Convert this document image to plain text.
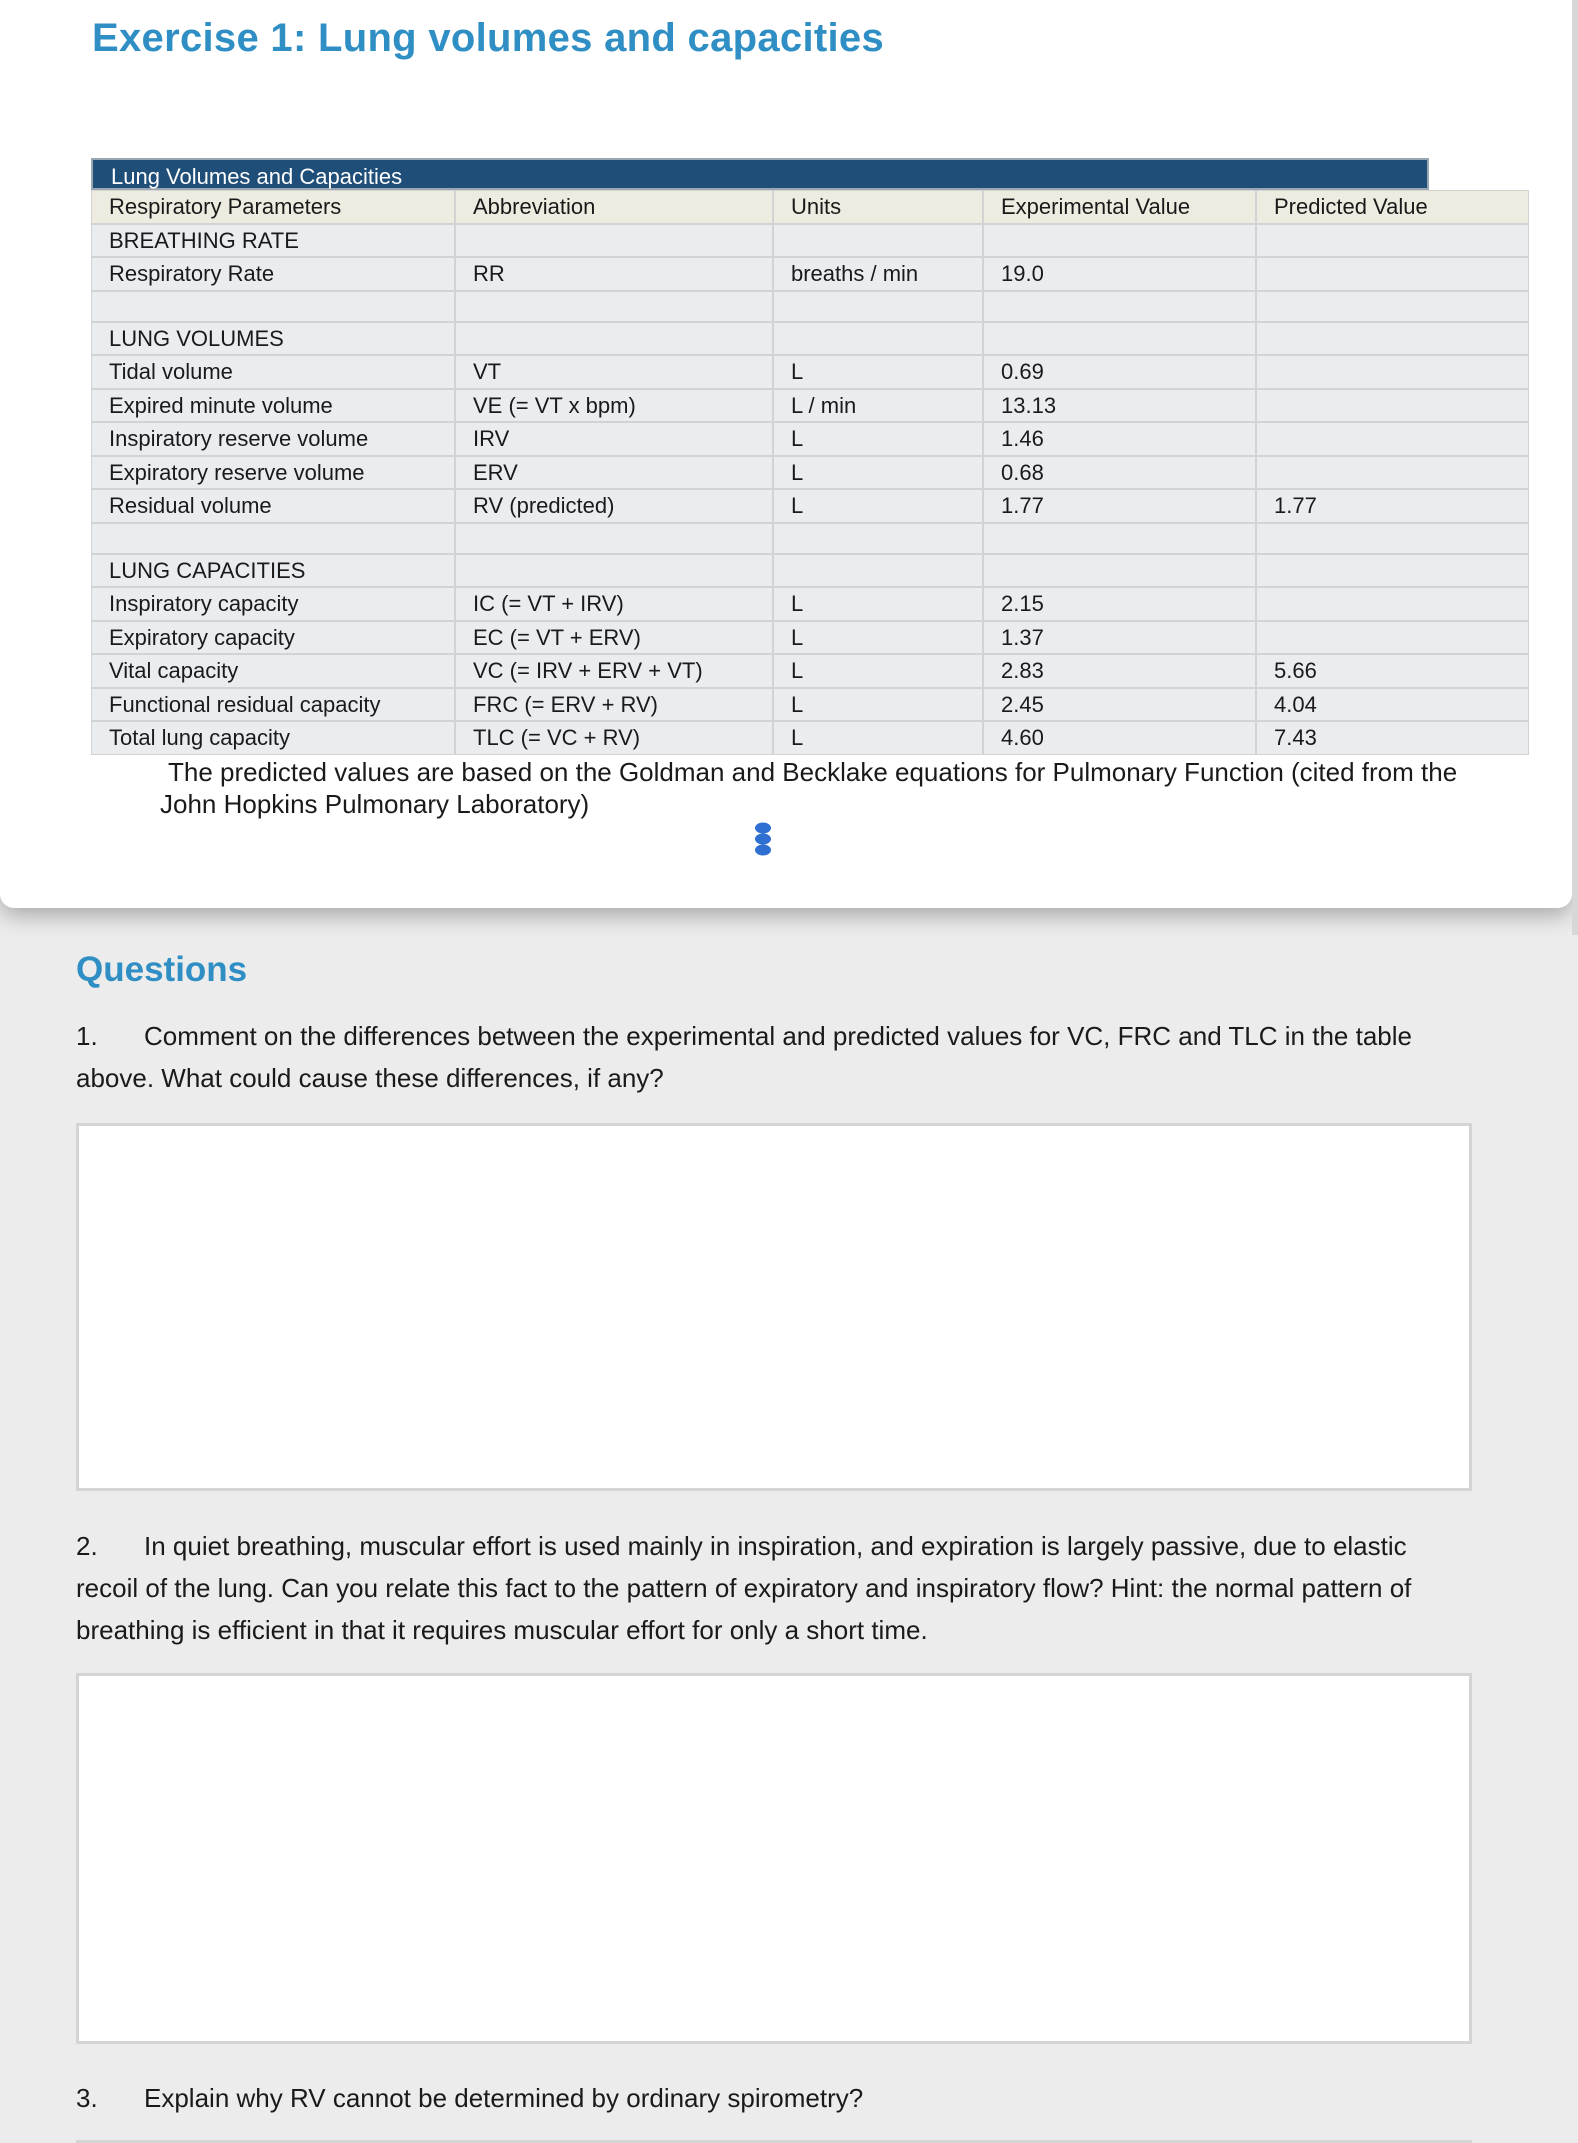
Exercise 1: Lung volumes and capacities
Lung Volumes and Capacities
Respiratory Parameters	Abbreviation	Units	Experimental Value	Predicted Value
BREATHING RATE
Respiratory Rate	RR	breaths / min	19.0
LUNG VOLUMES
Tidal volume	VT	L	0.69
Expired minute volume	VE (= VT x bpm)	L / min	13.13
Inspiratory reserve volume	IRV	L	1.46
Expiratory reserve volume	ERV	L	0.68
Residual volume	RV (predicted)	L	1.77	1.77
LUNG CAPACITIES
Inspiratory capacity	IC (= VT + IRV)	L	2.15
Expiratory capacity	EC (= VT + ERV)	L	1.37
Vital capacity	VC (= IRV + ERV + VT)	L	2.83	5.66
Functional residual capacity	FRC (= ERV + RV)	L	2.45	4.04
Total lung capacity	TLC (= VC + RV)	L	4.60	7.43
The predicted values are based on the Goldman and Becklake equations for Pulmonary Function (cited from the
John Hopkins Pulmonary Laboratory)
Questions
1. Comment on the differences between the experimental and predicted values for VC, FRC and TLC in the table
above. What could cause these differences, if any?
2. In quiet breathing, muscular effort is used mainly in inspiration, and expiration is largely passive, due to elastic
recoil of the lung. Can you relate this fact to the pattern of expiratory and inspiratory flow? Hint: the normal pattern of
breathing is efficient in that it requires muscular effort for only a short time.
3. Explain why RV cannot be determined by ordinary spirometry?
